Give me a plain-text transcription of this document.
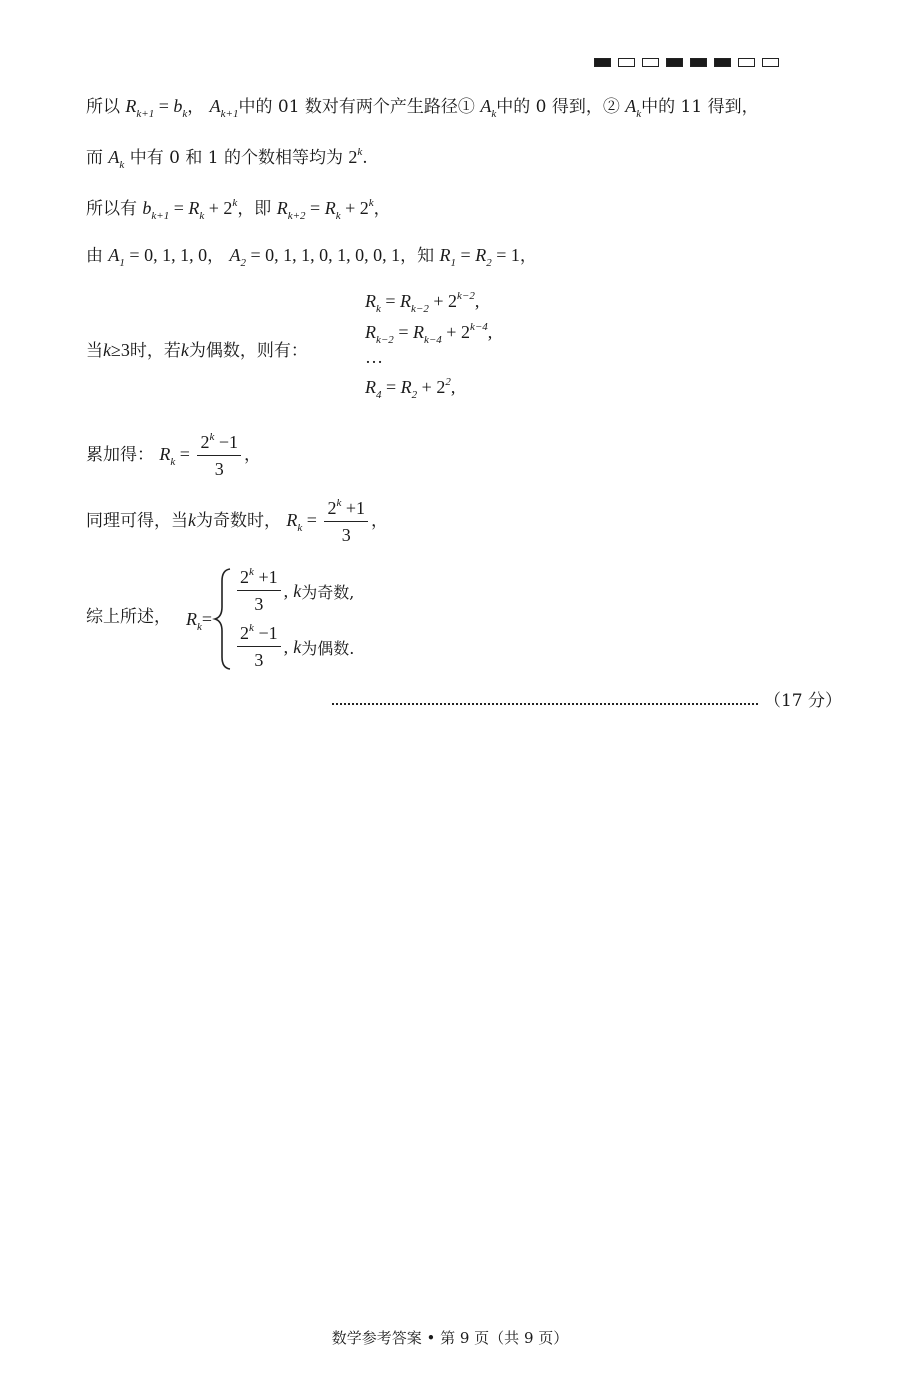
所以 $R_{k+1} = b_k$， $A_{k+1}$中的 01 数对有两个产生路径① $A_k$中的 0 得到，② $A_k$中的 11 得到，
而 $A_k$ 中有 0 和 1 的个数相等均为 2$^k$.
所以有 $b_{k+1} = R_k + 2^k$，即 $R_{k+2} = R_k + 2^k$，
由 $A_1 = 0$, 1, 1, 0， $A_2 = 0$, 1, 1, 0, 1, 0, 0, 1，知 $R_1 = R_2 = 1$，
当k≥3时，若k为偶数，则有：
$R_k = R_{k-2} + 2^{k-2}$,
$R_{k-2} = R_{k-4} + 2^{k-4}$,
…
$R_4 = R_2 + 2^2$,
累加得： $R_k = \frac{2^k -1}{3}$ ，
同理可得，当k为奇数时， $R_k = \frac{2^k +1}{3}$ ，
综上所述， $R_k$ =
$\frac{2^k +1}{3}$ ,
k 为奇数,
$\frac{2^k -1}{3}$ ,
k 为偶数.
（17 分）
数学参考答案 • 第 9 页（共 9 页）
